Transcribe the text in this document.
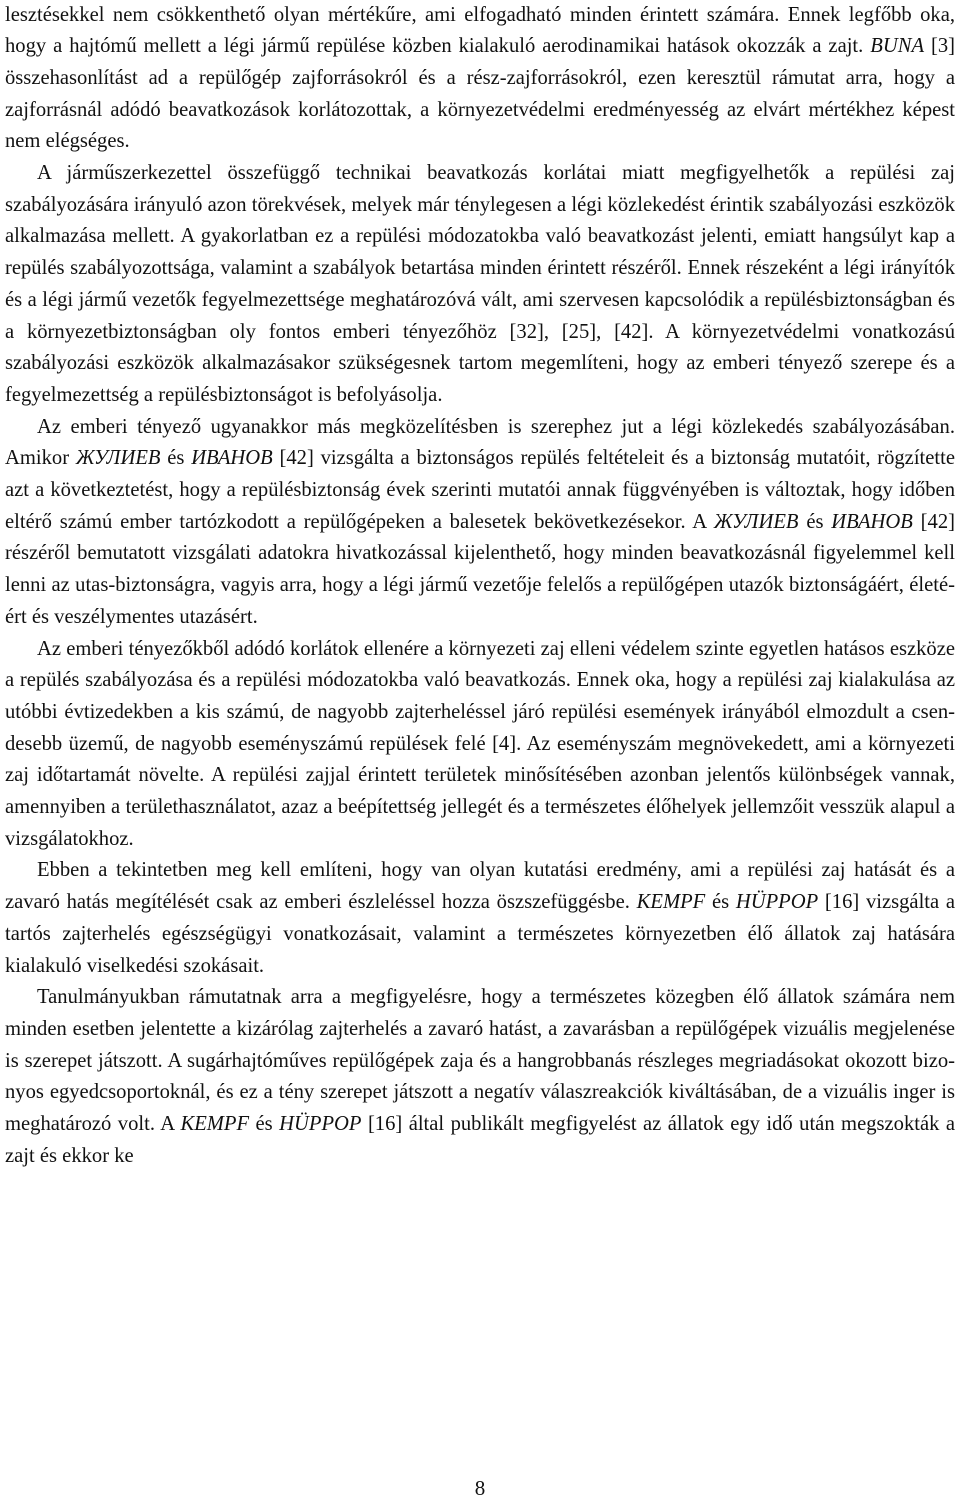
lesztésekkel nem csökkenthető olyan mértékűre, ami elfogadható minden érintett számára. Ennek legfőbb oka, hogy a hajtómű mellett a légi jármű repülése közben kialakuló aerodinamikai hatások okozzák a zajt. BUNA [3] összehasonlítást ad a repülőgép zajforrásokról és a rész-zajforrásokról, ezen keresztül rámutat arra, hogy a zajforrásnál adódó beavatkozások korlátozottak, a környezetvédelmi eredményesség az elvárt mértékhez képest nem elégséges.

A járműszerkezettel összefüggő technikai beavatkozás korlátai miatt megfigyelhetők a repülési zaj szabályozására irányuló azon törekvések, melyek már ténylegesen a légi közlekedést érintik szabályozási eszközök alkalmazása mellett. A gyakorlatban ez a repülési módozatokba való beavatkozást jelenti, emiatt hangsúlyt kap a repülés szabályozottsága, valamint a szabályok betartása minden érintett részéről. Ennek részeként a légi irányítók és a légi jármű vezetők fegyelmezettsége meghatározóvá vált, ami szervesen kapcsolódik a repülésbiztonságban és a környezetbiztonságban oly fontos emberi tényezőhöz [32], [25], [42]. A környezetvédelmi vonatkozású szabályozási eszközök alkalmazásakor szükségesnek tartom megemlíteni, hogy az emberi tényező szerepe és a fegyelmezettség a repülésbiztonságot is befolyásolja.

Az emberi tényező ugyanakkor más megközelítésben is szerephez jut a légi közlekedés szabályozásában. Amikor ЖУЛИЕВ és ИВАНОВ [42] vizsgálta a biztonságos repülés feltételeit és a biztonság mutatóit, rögzítette azt a következtetést, hogy a repülésbiztonság évek szerinti mutatói annak függvényében is változtak, hogy időben eltérő számú ember tartózkodott a repülőgépeken a balesetek bekövetkezésekor. A ЖУЛИЕВ és ИВАНОВ [42] részéről bemutatott vizsgálati adatokra hivatkozással kijelenthető, hogy minden beavatkozásnál figyelemmel kell lenni az utas-biztonságra, vagyis arra, hogy a légi jármű vezetője felelős a repülőgépen utazók biztonságáért, életéért és veszélymentes utazásért.

Az emberi tényezőkből adódó korlátok ellenére a környezeti zaj elleni védelem szinte egyetlen hatásos eszköze a repülés szabályozása és a repülési módozatokba való beavatkozás. Ennek oka, hogy a repülési zaj kialakulása az utóbbi évtizedekben a kis számú, de nagyobb zajterheléssel járó repülési események irányából elmozdult a csendesebb üzemű, de nagyobb eseményszámú repülések felé [4]. Az eseményszám megnövekedett, ami a környezeti zaj időtartamát növelte. A repülési zajjal érintett területek minősítésében azonban jelentős különbségek vannak, amennyiben a területhasználatot, azaz a beépítettség jellegét és a természetes élőhelyek jellemzőit vesszük alapul a vizsgálatokhoz.

Ebben a tekintetben meg kell említeni, hogy van olyan kutatási eredmény, ami a repülési zaj hatását és a zavaró hatás megítélését csak az emberi észleléssel hozza öszszefüggésbe. KEMPF és HÜPPOP [16] vizsgálta a tartós zajterhelés egészségügyi vonatkozásait, valamint a természetes környezetben élő állatok zaj hatására kialakuló viselkedési szokásait.

Tanulmányukban rámutatnak arra a megfigyelésre, hogy a természetes közegben élő állatok számára nem minden esetben jelentette a kizárólag zajterhelés a zavaró hatást, a zavarásban a repülőgépek vizuális megjelenése is szerepet játszott. A sugárhajtóműves repülőgépek zaja és a hangrobbanás részleges megriadásokat okozott bizonyos egyedcsoportoknál, és ez a tény szerepet játszott a negatív válaszreakciók kiváltásában, de a vizuális inger is meghatározó volt. A KEMPF és HÜPPOP [16] által publikált megfigyelést az állatok egy idő után megszokták a zajt és ekkor ke

8
